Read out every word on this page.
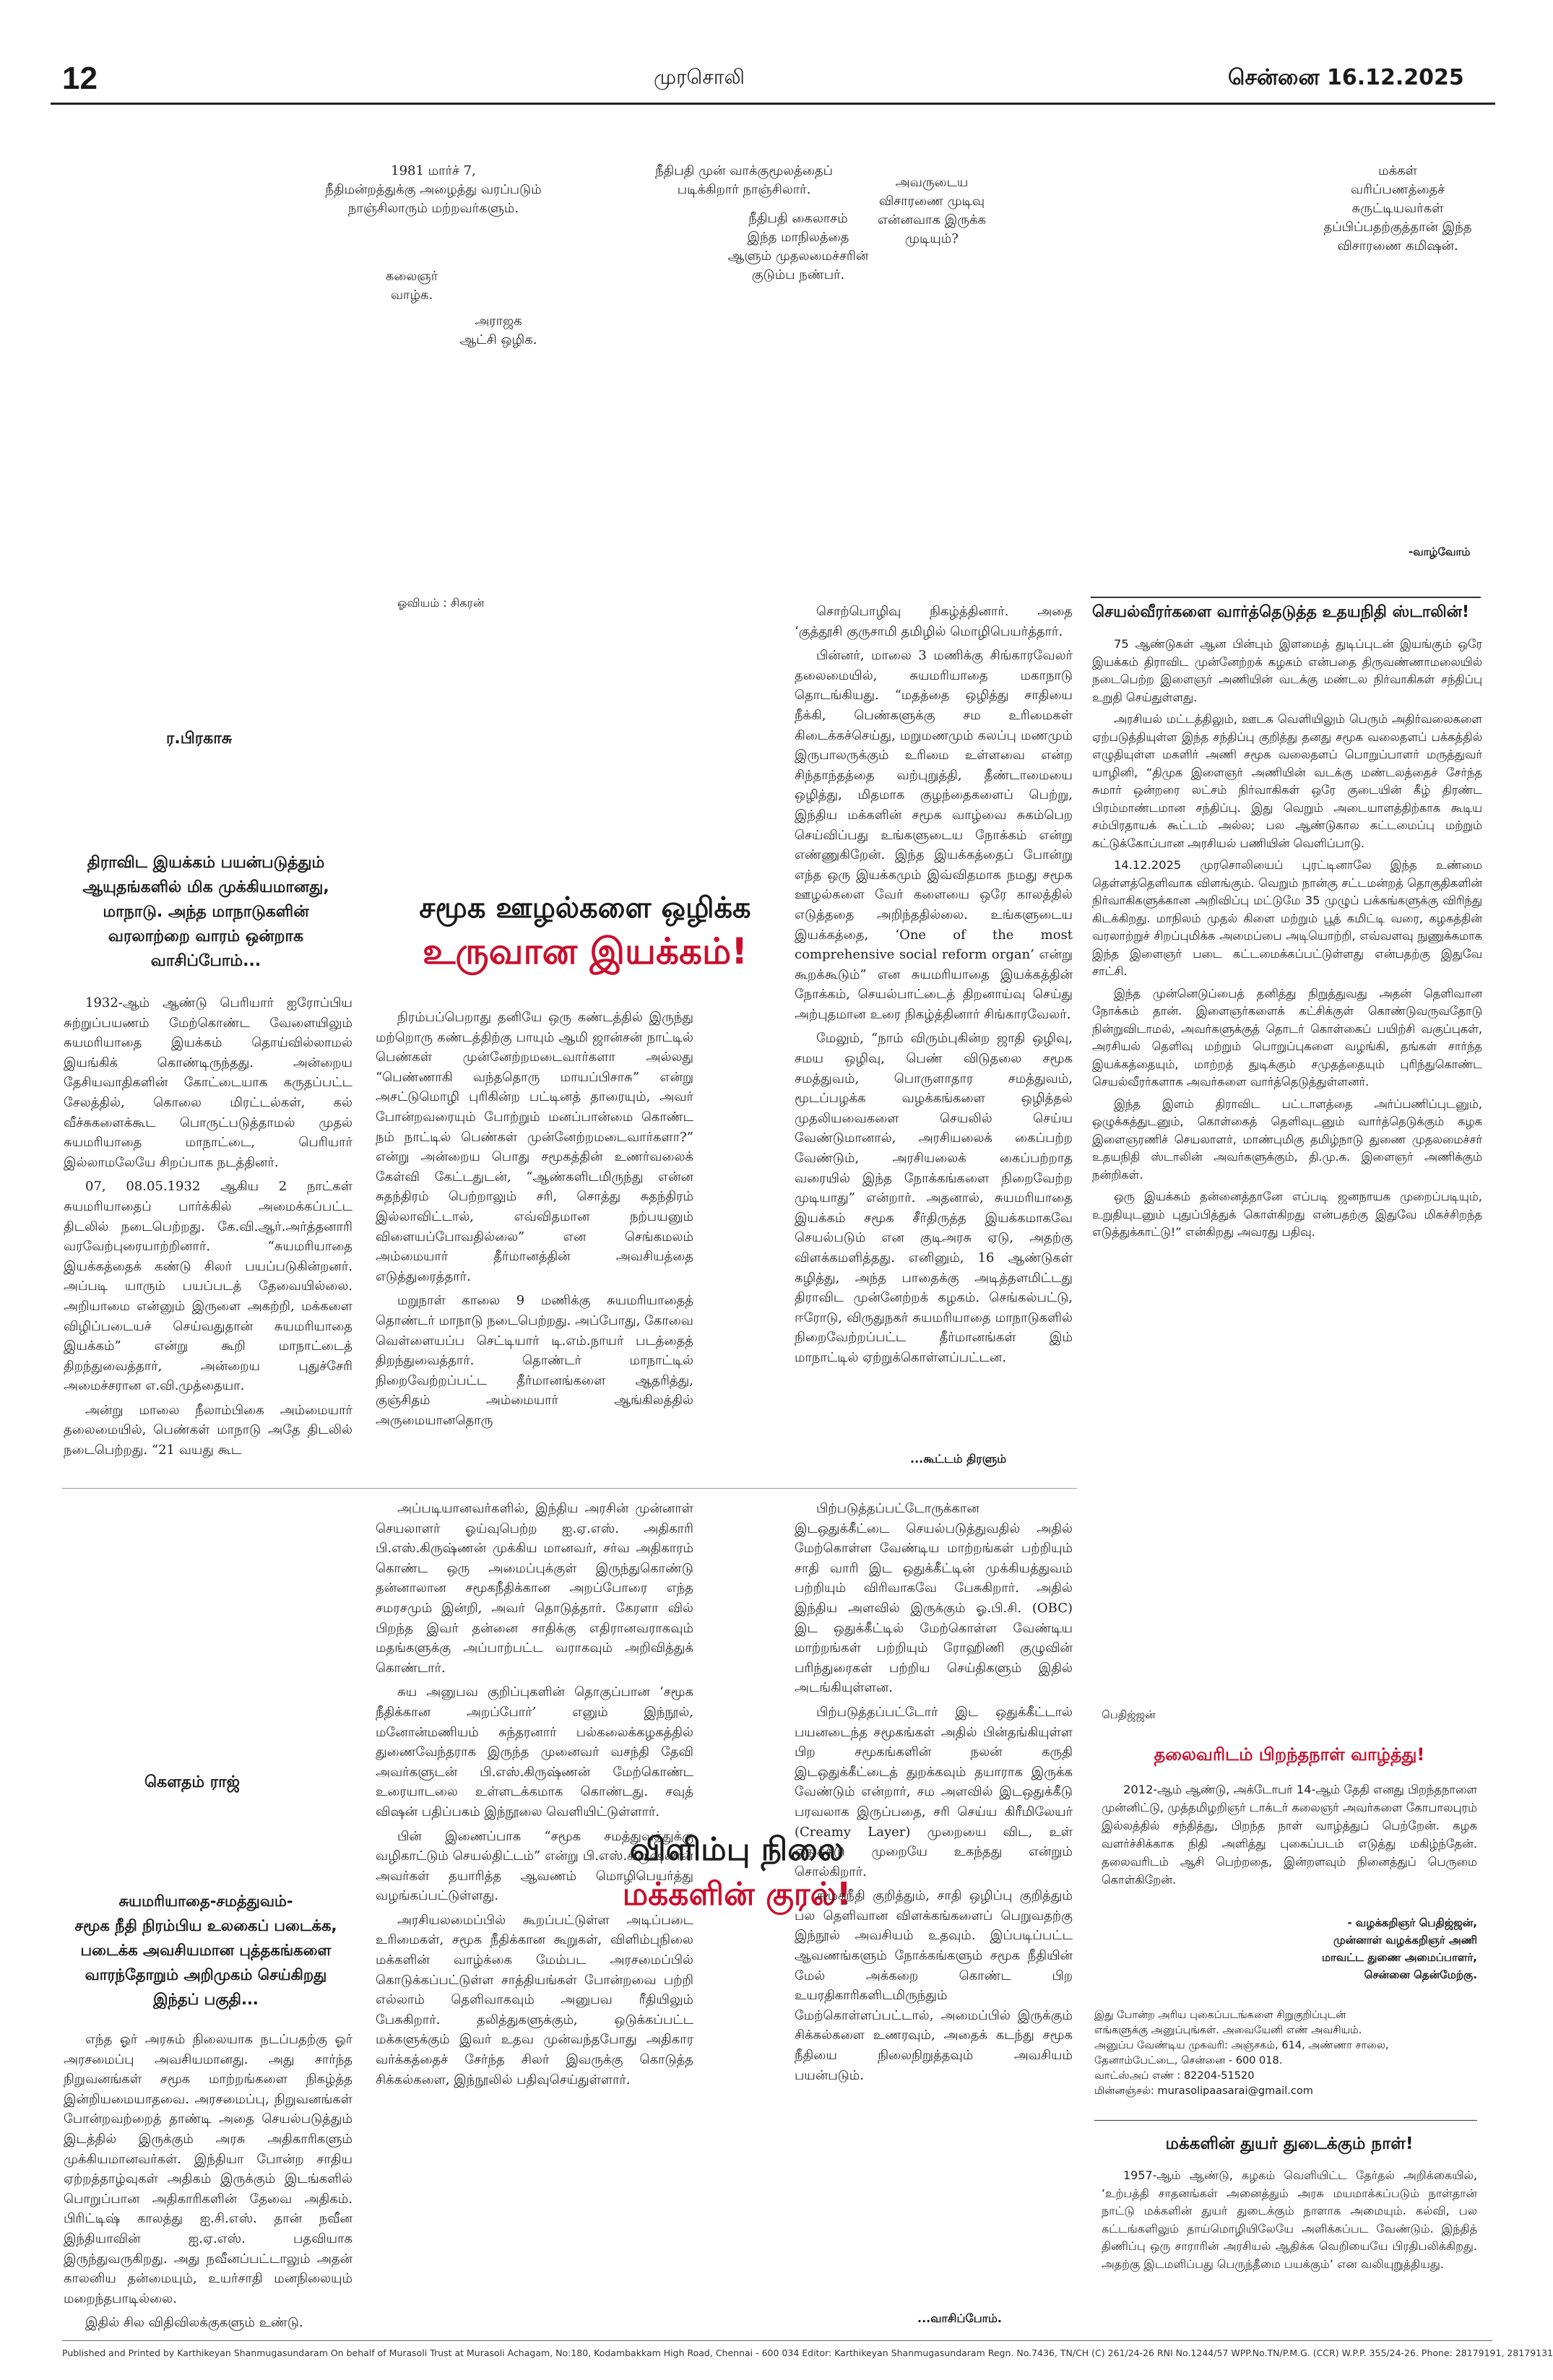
12	முரசொலி	சென்னை 16.12.2025
1981 மார்ச் 7,
நீதிமன்றத்துக்கு அழைத்து வரப்படும்
நாஞ்சிலாரும் மற்றவர்களும்.
நீதிபதி முன் வாக்குமூலத்தைப்
படிக்கிறார் நாஞ்சிலார்.	அவருடைய
விசாரணை முடிவு
என்னவாக இருக்க
முடியும்?
மக்கள்
வரிப்பணத்தைச்
சுருட்டியவர்கள்
தப்பிப்பதற்குத்தான் இந்த
விசாரணை கமிஷன்.
நீதிபதி கைலாசம்
இந்த மாநிலத்தை
ஆளும் முதலமைச்சரின்
குடும்ப நண்பர்.
கலைஞர்
வாழ்க.
அராஜக
ஆட்சி ஒழிக.
-வாழ்வோம்
ஓவியம் : சிகரன்
ர.பிரகாசு
திராவிட இயக்கம் பயன்படுத்தும்
ஆயுதங்களில் மிக முக்கியமானது,
மாநாடு. அந்த மாநாடுகளின்
வரலாற்றை வாரம் ஒன்றாக
வாசிப்போம்...
சமூக ஊழல்களை ஒழிக்க
உருவான இயக்கம்!

1932-ஆம் ஆண்டு பெரியார் ஐரோப்பிய சுற்றுப்பயணம் மேற்கொண்ட வேளையிலும் சுயமரியாதை இயக்கம் தொய்வில்லாமல் இயங்கிக் கொண்டிருந்தது. அன்றைய தேசியவாதிகளின் கோட்டையாக கருதப்பட்ட சேலத்தில், கொலை மிரட்டல்கள், கல் வீச்சுகளைக்கூட பொருட்படுத்தாமல் முதல் சுயமரியாதை மாநாட்டை, பெரியார் இல்லாமலேயே சிறப்பாக நடத்தினர்.

07, 08.05.1932 ஆகிய 2 நாட்கள் சுயமரியாதைப் பார்க்கில் அமைக்கப்பட்ட திடலில் நடைபெற்றது. கே.வி.ஆர்.அர்த்தனாரி வரவேற்புரையாற்றினார். “சுயமரியாதை இயக்கத்தைக் கண்டு சிலர் பயப்படுகின்றனர். அப்படி யாரும் பயப்படத் தேவையில்லை. அறியாமை என்னும் இருளை அகற்றி, மக்களை விழிப்படையச் செய்வதுதான் சுயமரியாதை இயக்கம்” என்று கூறி மாநாட்டைத் திறந்துவைத்தார், அன்றைய புதுச்சேரி அமைச்சரான எ.வி.முத்தையா.

அன்று மாலை நீலாம்பிகை அம்மையார் தலைமையில், பெண்கள் மாநாடு அதே திடலில் நடைபெற்றது. “21 வயது கூட

நிரம்பப்பெறாது தனியே ஒரு கண்டத்தில் இருந்து மற்றொரு கண்டத்திற்கு பாயும் ஆமி ஜான்சன் நாட்டில் பெண்கள் முன்னேற்றமடைவார்களா அல்லது “பெண்ணாகி வந்ததொரு மாயப்பிசாசு” என்று அசட்டுமொழி புரிகின்ற பட்டினத் தாரையும், அவர் போன்றவரையும் போற்றும் மனப்பான்மை கொண்ட நம் நாட்டில் பெண்கள் முன்னேற்றமடைவார்களா?” என்று அன்றைய பொது சமூகத்தின் உணர்வலைக் கேள்வி கேட்டதுடன், “ஆண்களிடமிருந்து என்ன சுதந்திரம் பெற்றாலும் சரி, சொத்து சுதந்திரம் இல்லாவிட்டால், எவ்விதமான நற்பயனும் விளையப்போவதில்லை” என செங்கமலம் அம்மையார் தீர்மானத்தின் அவசியத்தை எடுத்துரைத்தார்.

மறுநாள் காலை 9 மணிக்கு சுயமரியாதைத் தொண்டர் மாநாடு நடைபெற்றது. அப்போது, கோவை வெள்ளையப்ப செட்டியார் டி.எம்.நாயர் படத்தைத் திறந்துவைத்தார். தொண்டர் மாநாட்டில் நிறைவேற்றப்பட்ட தீர்மானங்களை ஆதரித்து, குஞ்சிதம் அம்மையார் ஆங்கிலத்தில் அருமையானதொரு

சொற்பொழிவு நிகழ்த்தினார். அதை ‘குத்தூசி குருசாமி தமிழில் மொழிபெயர்த்தார்.

பின்னர், மாலை 3 மணிக்கு சிங்காரவேலர் தலைமையில், சுயமரியாதை மகாநாடு தொடங்கியது. “மதத்தை ஒழித்து சாதியை நீக்கி, பெண்களுக்கு சம உரிமைகள் கிடைக்கச்செய்து, மறுமணமும் கலப்பு மணமும் இருபாலருக்கும் உரிமை உள்ளவை என்ற சிந்தாந்தத்தை வற்புறுத்தி, தீண்டாமையை ஒழித்து, மிதமாக குழந்தைகளைப் பெற்று, இந்திய மக்களின் சமூக வாழ்வை சுகம்பெற செய்விப்பது உங்களுடைய நோக்கம் என்று எண்ணுகிறேன். இந்த இயக்கத்தைப் போன்று எந்த ஒரு இயக்கமும் இவ்விதமாக நமது சமூக ஊழல்களை வேர் களையை ஒரே காலத்தில் எடுத்ததை அறிந்ததில்லை. உங்களுடைய இயக்கத்தை, ‘One of the most comprehensive social reform organ’ என்று கூறக்கூடும்” என சுயமரியாதை இயக்கத்தின் நோக்கம், செயல்பாட்டைத் திறனாய்வு செய்து அற்புதமான உரை நிகழ்த்தினார் சிங்காரவேலர்.

மேலும், “நாம் விரும்புகின்ற ஜாதி ஒழிவு, சமய ஒழிவு, பெண் விடுதலை சமூக சமத்துவம், பொருளாதார சமத்துவம், மூடப்பழக்க வழக்கங்களை ஒழித்தல் முதலியவைகளை செயலில் செய்ய வேண்டுமானால், அரசியலைக் கைப்பற்ற வேண்டும், அரசியலைக் கைப்பற்றாத வரையில் இந்த நோக்கங்களை நிறைவேற்ற முடியாது” என்றார். அதனால், சுயமரியாதை இயக்கம் சமூக சீர்திருத்த இயக்கமாகவே செயல்படும் என குடிஅரசு ஏடு, அதற்கு விளக்கமளித்தது. எனினும், 16 ஆண்டுகள் கழித்து, அந்த பாதைக்கு அடித்தளமிட்டது திராவிட முன்னேற்றக் கழகம். செங்கல்பட்டு, ஈரோடு, விருதுநகர் சுயமரியாதை மாநாடுகளில் நிறைவேற்றப்பட்ட தீர்மானங்கள் இம் மாநாட்டில் ஏற்றுக்கொள்ளப்பட்டன.

...கூட்டம் திரளும்
செயல்வீரர்களை வார்த்தெடுத்த உதயநிதி ஸ்டாலின்!

75 ஆண்டுகள் ஆன பின்பும் இளமைத் துடிப்புடன் இயங்கும் ஒரே இயக்கம் திராவிட முன்னேற்றக் கழகம் என்பதை திருவண்ணாமலையில் நடைபெற்ற இளைஞர் அணியின் வடக்கு மண்டல நிர்வாகிகள் சந்திப்பு உறுதி செய்துள்ளது.

அரசியல் மட்டத்திலும், ஊடக வெளியிலும் பெரும் அதிர்வலைகளை ஏற்படுத்தியுள்ள இந்த சந்திப்பு குறித்து தனது சமூக வலைதளப் பக்கத்தில் எழுதியுள்ள மகளிர் அணி சமூக வலைதளப் பொறுப்பாளர் மருத்துவர் யாழினி, “திமுக இளைஞர் அணியின் வடக்கு மண்டலத்தைச் சேர்ந்த சுமார் ஒன்றரை லட்சம் நிர்வாகிகள் ஒரே குடையின் கீழ் திரண்ட பிரம்மாண்டமான சந்திப்பு. இது வெறும் அடையாளத்திற்காக கூடிய சம்பிரதாயக் கூட்டம் அல்ல; பல ஆண்டுகால கட்டமைப்பு மற்றும் கட்டுக்கோப்பான அரசியல் பணியின் வெளிப்பாடு.

14.12.2025 முரசொலியைப் புரட்டினாலே இந்த உண்மை தெள்ளத்தெளிவாக விளங்கும். வெறும் நான்கு சட்டமன்றத் தொகுதிகளின் நிர்வாகிகளுக்கான அறிவிப்பு மட்டுமே 35 முழுப் பக்கங்களுக்கு விரிந்து கிடக்கிறது. மாநிலம் முதல் கிளை மற்றும் பூத் கமிட்டி வரை, கழகத்தின் வரலாற்றுச் சிறப்புமிக்க அமைப்பை அடியொற்றி, எவ்வளவு நுணுக்கமாக இந்த இளைஞர் படை கட்டமைக்கப்பட்டுள்ளது என்பதற்கு இதுவே சாட்சி.

இந்த முன்னெடுப்பைத் தனித்து நிறுத்துவது அதன் தெளிவான நோக்கம் தான். இளைஞர்களைக் கட்சிக்குள் கொண்டுவருவதோடு நின்றுவிடாமல், அவர்களுக்குத் தொடர் கொள்கைப் பயிற்சி வகுப்புகள், அரசியல் தெளிவு மற்றும் பொறுப்புகளை வழங்கி, தங்கள் சார்ந்த இயக்கத்தையும், மாற்றத் துடிக்கும் சமுதத்தையும் புரிந்துகொண்ட செயல்வீரர்களாக அவர்களை வார்த்தெடுத்துள்ளனர்.

இந்த இளம் திராவிட பட்டாளத்தை அர்ப்பணிப்புடனும், ஒழுக்கத்துடனும், கொள்கைத் தெளிவுடனும் வார்த்தெடுக்கும் கழக இளைஞரணிச் செயலாளர், மாண்புமிகு தமிழ்நாடு துணை முதலமைச்சர் உதயநிதி ஸ்டாலின் அவர்களுக்கும், தி.மு.க. இளைஞர் அணிக்கும் நன்றிகள்.

ஒரு இயக்கம் தன்னைத்தானே எப்படி ஜனநாயக முறைப்படியும், உறுதியுடனும் புதுப்பித்துக் கொள்கிறது என்பதற்கு இதுவே மிகச்சிறந்த எடுத்துக்காட்டு!” என்கிறது அவரது பதிவு.

கௌதம் ராஜ்
சுயமரியாதை-சமத்துவம்-
சமூக நீதி நிரம்பிய உலகைப் படைக்க,
படைக்க அவசியமான புத்தகங்களை
வாரந்தோறும் அறிமுகம் செய்கிறது
இந்தப் பகுதி...
விளிம்பு நிலை
மக்களின் குரல்!

எந்த ஓர் அரசும் நிலையாக நடப்பதற்கு ஓர் அரசமைப்பு அவசியமானது. அது சார்ந்த நிறுவனங்கள் சமூக மாற்றங்களை நிகழ்த்த இன்றியமையாதவை. அரசமைப்பு, நிறுவனங்கள் போன்றவற்றைத் தாண்டி அதை செயல்படுத்தும் இடத்தில் இருக்கும் அரசு அதிகாரிகளும் முக்கியமானவர்கள். இந்தியா போன்ற சாதிய ஏற்றத்தாழ்வுகள் அதிகம் இருக்கும் இடங்களில் பொறுப்பான அதிகாரிகளின் தேவை அதிகம். பிரிட்டிஷ் காலத்து ஐ.சி.எஸ். தான் நவீன இந்தியாவின் ஐ.ஏ.எஸ். பதவியாக இருந்துவருகிறது. அது நவீனப்பட்டாலும் அதன் காலனிய தன்மையும், உயர்சாதி மனநிலையும் மறைந்தபாடில்லை.

இதில் சில விதிவிலக்குகளும் உண்டு.

அப்படியானவர்களில், இந்திய அரசின் முன்னாள் செயலாளர் ஓய்வுபெற்ற ஐ.ஏ.எஸ். அதிகாரி பி.எஸ்.கிருஷ்ணன் முக்கிய மானவர், சர்வ அதிகாரம் கொண்ட ஒரு அமைப்புக்குள் இருந்துகொண்டு தன்னாலான சமூகநீதிக்கான அறப்போரை எந்த சமரசமும் இன்றி, அவர் தொடுத்தார். கேரளா வில் பிறந்த இவர் தன்னை சாதிக்கு எதிரானவராகவும் மதங்களுக்கு அப்பாற்பட்ட வராகவும் அறிவித்துக் கொண்டார்.

சுய அனுபவ குறிப்புகளின் தொகுப்பான ‘சமூக நீதிக்கான அறப்போர்’ எனும் இந்நூல், மனோன்மணியம் சுந்தரனார் பல்கலைக்கழகத்தில் துணைவேந்தராக இருந்த முனைவர் வசந்தி தேவி அவர்களுடன் பி.எஸ்.கிருஷ்ணன் மேற்கொண்ட உரையாடலை உள்ளடக்கமாக கொண்டது. சவுத் விஷன் பதிப்பகம் இந்நூலை வெளியிட்டுள்ளார்.

பின் இணைப்பாக “சமூக சமத்துவத்துக்கு வழிகாட்டும் செயல்திட்டம்” என்று பி.எஸ்.கிருஷ்ணன் அவர்கள் தயாரித்த ஆவணம் மொழிபெயர்த்து வழங்கப்பட்டுள்ளது.

அரசியலமைப்பில் கூறப்பட்டுள்ள அடிப்படை உரிமைகள், சமூக நீதிக்கான கூறுகள், விளிம்புநிலை மக்களின் வாழ்க்கை மேம்பட அரசமைப்பில் கொடுக்கப்பட்டுள்ள சாத்தியங்கள் போன்றவை பற்றி எல்லாம் தெளிவாகவும் அனுபவ ரீதியிலும் பேசுகிறார். தலித்துகளுக்கும், ஒடுக்கப்பட்ட மக்களுக்கும் இவர் உதவ முன்வந்தபோது அதிகார வர்க்கத்தைச் சேர்ந்த சிலர் இவருக்கு கொடுத்த சிக்கல்களை, இந்நூலில் பதிவுசெய்துள்ளார்.

பிற்படுத்தப்பட்டோருக்கான இடஒதுக்கீட்டை செயல்படுத்துவதில் அதில் மேற்கொள்ள வேண்டிய மாற்றங்கள் பற்றியும் சாதி வாரி இட ஒதுக்கீட்டின் முக்கியத்துவம் பற்றியும் விரிவாகவே பேசுகிறார். அதில் இந்திய அளவில் இருக்கும் ஓ.பி.சி. (OBC) இட ஒதுக்கீட்டில் மேற்கொள்ள வேண்டிய மாற்றங்கள் பற்றியும் ரோஹிணி குழுவின் பரிந்துரைகள் பற்றிய செய்திகளும் இதில் அடங்கியுள்ளன.

பிற்படுத்தப்பட்டோர் இட ஒதுக்கீட்டால் பயனடைந்த சமூகங்கள் அதில் பின்தங்கியுள்ள பிற சமூகங்களின் நலன் கருதி இடஒதுக்கீட்டைத் துறக்கவும் தயாராக இருக்க வேண்டும் என்றார், சம அளவில் இடஒதுக்கீடு பரவலாக இருப்பதை, சரி செய்ய கிரீமிலேயர் (Creamy Layer) முறையை விட, உள் ஒதுக்கீடு முறையே உகந்தது என்றும் சொல்கிறார்.

சமூகநீதி குறித்தும், சாதி ஒழிப்பு குறித்தும் பல தெளிவான விளக்கங்களைப் பெறுவதற்கு இந்நூல் அவசியம் உதவும். இப்படிப்பட்ட ஆவணங்களும் நோக்கங்களும் சமூக நீதியின் மேல் அக்கறை கொண்ட பிற உயரதிகாரிகளிடமிருந்தும் மேற்கொள்ளப்பட்டால், அமைப்பில் இருக்கும் சிக்கல்களை உணரவும், அதைக் கடந்து சமூக நீதியை நிலைநிறுத்தவும் அவசியம் பயன்படும்.

...வாசிப்போம்.
பெதிஜ்ஜன்
தலைவரிடம் பிறந்தநாள் வாழ்த்து!

2012-ஆம் ஆண்டு, அக்டோபர் 14-ஆம் தேதி எனது பிறந்தநாளை முன்னிட்டு, முத்தமிழறிஞர் டாக்டர் கலைஞர் அவர்களை கோபாலபுரம் இல்லத்தில் சந்தித்து, பிறந்த நாள் வாழ்த்துப் பெற்றேன். கழக வளர்ச்சிக்காக நிதி அளித்து புகைப்படம் எடுத்து மகிழ்ந்தேன். தலைவரிடம் ஆசி பெற்றதை, இன்றளவும் நினைத்துப் பெருமை கொள்கிறேன்.

- வழக்கறிஞர் பெதிஜ்ஜன்,
முன்னாள் வழக்கறிஞர் அணி
மாவட்ட துணை அமைப்பாளர்,
சென்னை தென்மேற்கு.
இது போன்ற அரிய புகைப்படங்களை சிறுகுறிப்புடன்
எங்களுக்கு அனுப்புங்கள். அவையேனி எண் அவசியம்.
அனுப்ப வேண்டிய முகவரி: அஞ்சகம், 614, அண்ணா சாலை,
தேனாம்பேட்டை, சென்னை - 600 018.
வாட்ஸ்அப் எண் : 82204-51520
மின்னஞ்சல்: murasolipaasarai@gmail.com
மக்களின் துயர் துடைக்கும் நாள்!

1957-ஆம் ஆண்டு, கழகம் வெளியிட்ட தேர்தல் அறிக்கையில், ‘உற்பத்தி சாதனங்கள் அனைத்தும் அரசு மயமாக்கப்படும் நாள்தான் நாட்டு மக்களின் துயர் துடைக்கும் நாளாக அமையும். கல்வி, பல கட்டங்களிலும் தாய்மொழியிலேயே அளிக்கப்பட வேண்டும். இந்தித் திணிப்பு ஒரு சாராரின் அரசியல் ஆதிக்க வெறியையே பிரதிபலிக்கிறது. அதற்கு இடமளிப்பது பெருந்தீமை பயக்கும்’ என வலியுறுத்தியது.

Published and Printed by Karthikeyan Shanmugasundaram On behalf of Murasoli Trust at Murasoli Achagam, No:180, Kodambakkam High Road, Chennai - 600 034 Editor: Karthikeyan Shanmugasundaram Regn. No.7436, TN/CH (C) 261/24-26 RNI No.1244/57 WPP.No.TN/P.M.G. (CCR) W.P.P. 355/24-26. Phone: 28179191, 28179131
